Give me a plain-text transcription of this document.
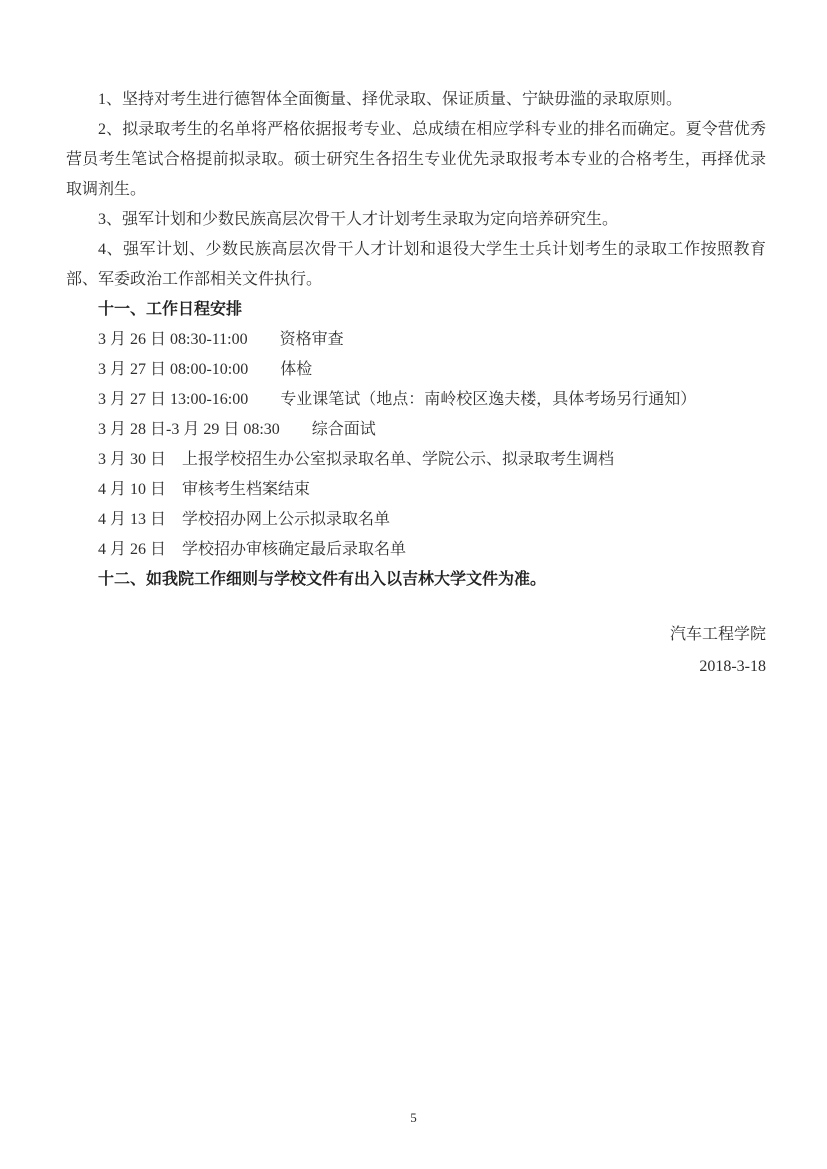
1、坚持对考生进行德智体全面衡量、择优录取、保证质量、宁缺毋滥的录取原则。

2、拟录取考生的名单将严格依据报考专业、总成绩在相应学科专业的排名而确定。夏令营优秀营员考生笔试合格提前拟录取。硕士研究生各招生专业优先录取报考本专业的合格考生，再择优录取调剂生。

3、强军计划和少数民族高层次骨干人才计划考生录取为定向培养研究生。

4、强军计划、少数民族高层次骨干人才计划和退役大学生士兵计划考生的录取工作按照教育部、军委政治工作部相关文件执行。

十一、工作日程安排

3 月 26 日 08:30-11:00　　资格审查

3 月 27 日 08:00-10:00　　体检

3 月 27 日 13:00-16:00　　专业课笔试（地点：南岭校区逸夫楼，具体考场另行通知）

3 月 28 日-3 月 29 日 08:30　　综合面试

3 月 30 日　上报学校招生办公室拟录取名单、学院公示、拟录取考生调档

4 月 10 日　审核考生档案结束

4 月 13 日　学校招办网上公示拟录取名单

4 月 26 日　学校招办审核确定最后录取名单

十二、如我院工作细则与学校文件有出入以吉林大学文件为准。

汽车工程学院

2018-3-18

5
